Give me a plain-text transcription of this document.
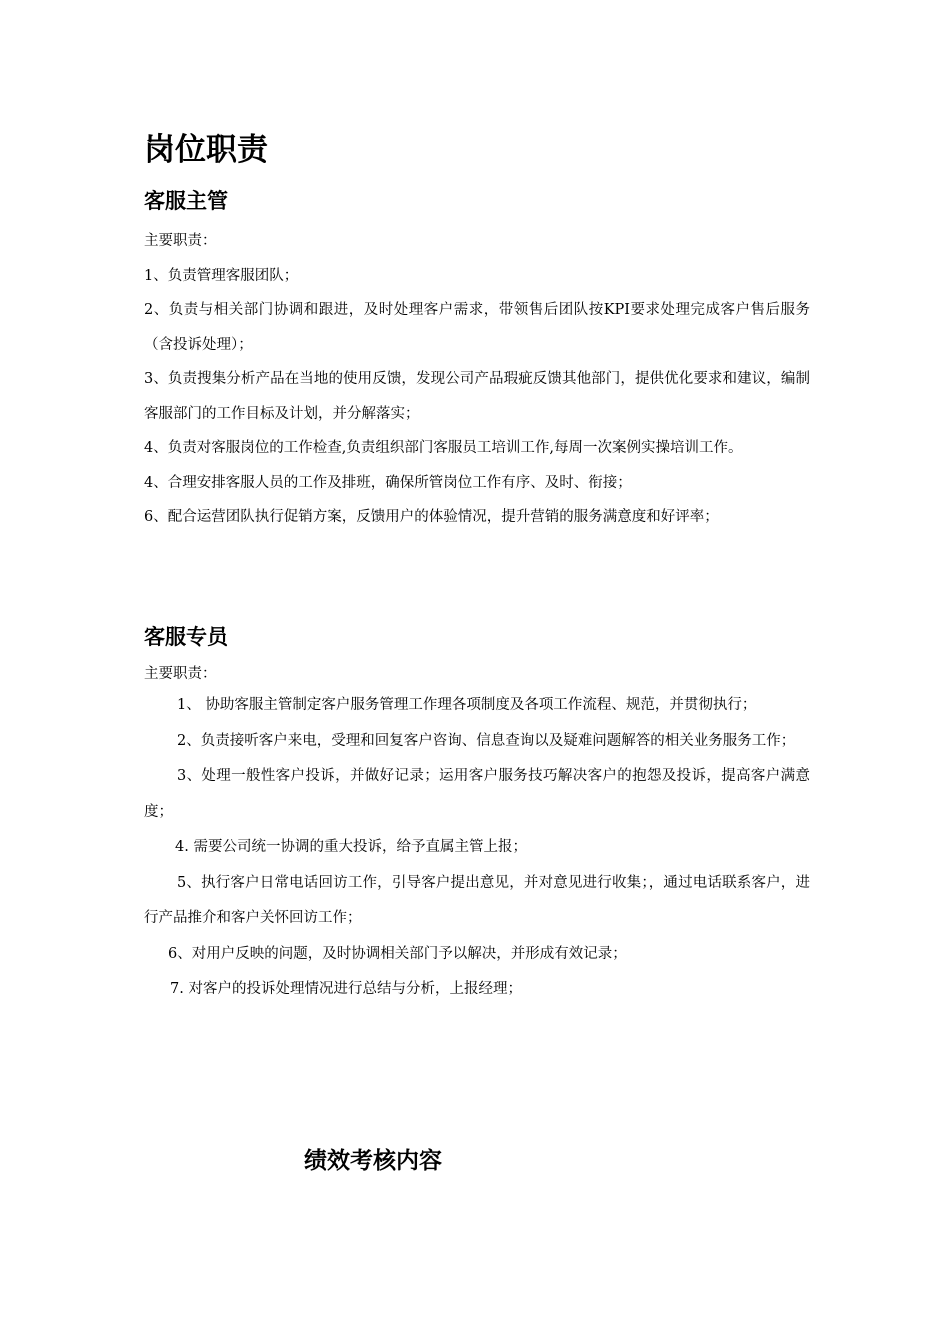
岗位职责
客服主管

主要职责：

1、负责管理客服团队；

2、负责与相关部门协调和跟进，及时处理客户需求，带领售后团队按KPI要求处理完成客户售后服务（含投诉处理）；

3、负责搜集分析产品在当地的使用反馈，发现公司产品瑕疵反馈其他部门，提供优化要求和建议，编制客服部门的工作目标及计划，并分解落实；

4、负责对客服岗位的工作检查,负责组织部门客服员工培训工作,每周一次案例实操培训工作。

4、合理安排客服人员的工作及排班，确保所管岗位工作有序、及时、衔接；

6、配合运营团队执行促销方案，反馈用户的体验情况，提升营销的服务满意度和好评率；

客服专员

主要职责：

1、 协助客服主管制定客户服务管理工作理各项制度及各项工作流程、规范，并贯彻执行；

2、负责接听客户来电，受理和回复客户咨询、信息查询以及疑难问题解答的相关业务服务工作；

3、处理一般性客户投诉，并做好记录；运用客户服务技巧解决客户的抱怨及投诉，提高客户满意度；

4. 需要公司统一协调的重大投诉，给予直属主管上报；

5、执行客户日常电话回访工作，引导客户提出意见，并对意见进行收集；，通过电话联系客户，进行产品推介和客户关怀回访工作；

6、对用户反映的问题，及时协调相关部门予以解决，并形成有效记录；

7. 对客户的投诉处理情况进行总结与分析，上报经理；

绩效考核内容
